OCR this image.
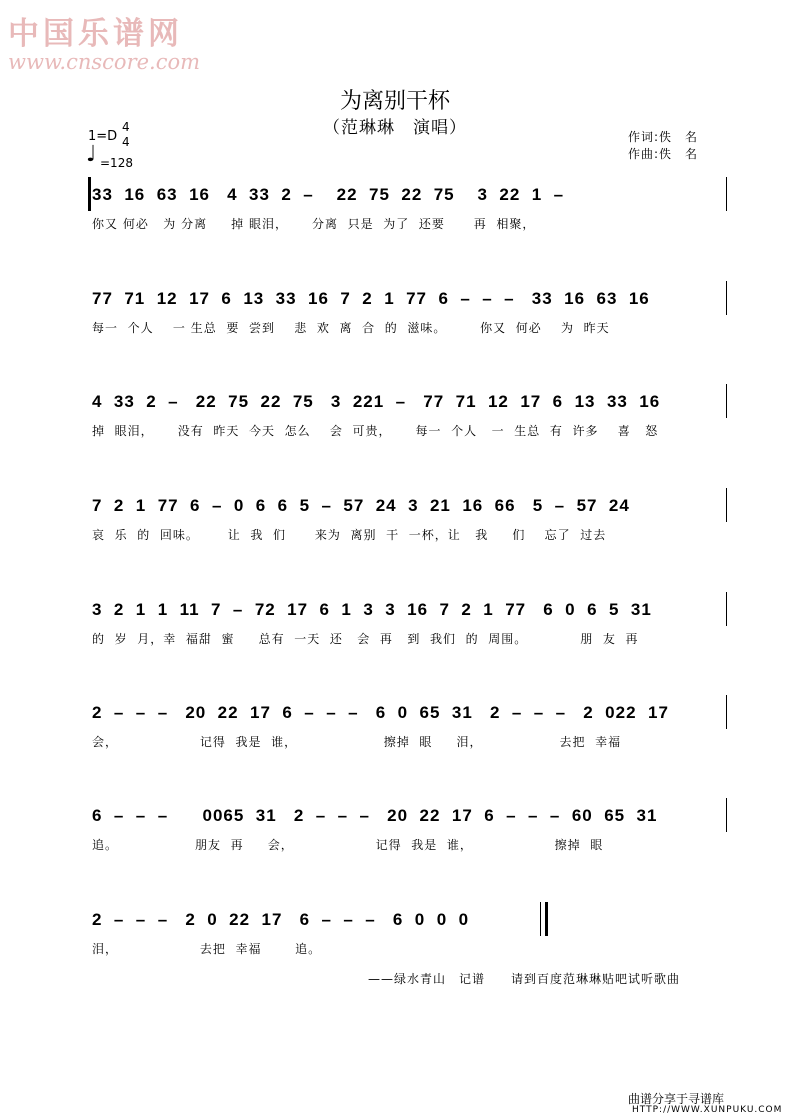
中国乐谱网
www.cnscore.com
为离别干杯
（范琳琳　演唱）
1=D
4
4
♩ =128
作词:佚　名
作曲:佚　名
33  16  63  16   4  33  2  –    22  75  22  75    3  22  1  –
你又 何必   为 分离     掉 眼泪，     分离  只是  为了  还要      再  相聚，
77  71  12  17  6  13  33  16  7  2  1  77  6  –  –  –   33  16  63  16
每一  个人    一 生总  要  尝到    悲  欢  离  合  的  滋味。       你又  何必    为  昨天
4  33  2  –   22  75  22  75   3  221  –   77  71  12  17  6  13  33  16
掉  眼泪，     没有  昨天  今天  怎么    会  可贵，     每一  个人   一  生总  有  许多    喜   怒
7  2  1  77  6  –  0  6  6  5  –  57  24  3  21  16  66   5  –  57  24
哀  乐  的  回味。      让  我  们      来为  离别  干  一杯，让   我     们    忘了  过去
3  2  1  1  11  7  –  72  17  6  1  3  3  16  7  2  1  77   6  0  6  5  31
的  岁  月，幸  福甜  蜜     总有  一天  还   会  再   到  我们  的  周围。           朋  友  再
2  –  –  –   20  22  17  6  –  –  –   6  0  65  31   2  –  –  –   2  022  17
会，                 记得  我是  谁，                  擦掉  眼     泪，                去把  幸福
6  –  –  –      0065  31   2  –  –  –   20  22  17  6  –  –  –  60  65  31
追。                朋友  再     会，                 记得  我是  谁，                 擦掉  眼
2  –  –  –   2  0  22  17   6  –  –  –   6  0  0  0
泪，                 去把  幸福       追。
——绿水青山　记谱　　请到百度范琳琳贴吧试听歌曲
曲谱分享于寻谱库
HTTP://WWW.XUNPUKU.COM
